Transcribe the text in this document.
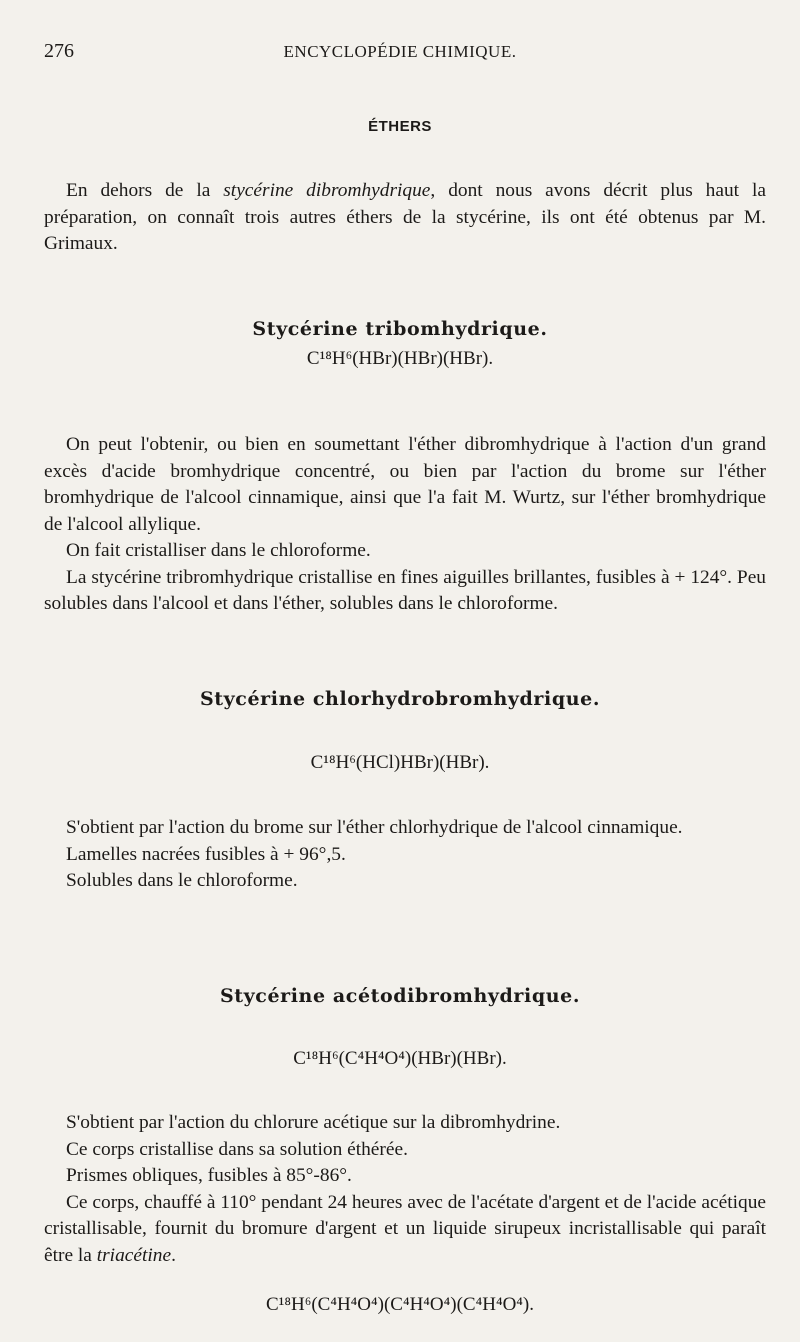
276	ENCYCLOPÉDIE CHIMIQUE.
ÉTHERS

En dehors de la stycérine dibromhydrique, dont nous avons décrit plus haut la préparation, on connaît trois autres éthers de la stycérine, ils ont été obtenus par M. Grimaux.

Stycérine tribomhydrique.
C¹⁸H⁶(HBr)(HBr)(HBr).

On peut l'obtenir, ou bien en soumettant l'éther dibromhydrique à l'action d'un grand excès d'acide bromhydrique concentré, ou bien par l'action du brome sur l'éther bromhydrique de l'alcool cinnamique, ainsi que l'a fait M. Wurtz, sur l'éther bromhydrique de l'alcool allylique.

On fait cristalliser dans le chloroforme.

La stycérine tribromhydrique cristallise en fines aiguilles brillantes, fusibles à + 124°. Peu solubles dans l'alcool et dans l'éther, solubles dans le chloroforme.

Stycérine chlorhydrobromhydrique.
C¹⁸H⁶(HCl)HBr)(HBr).

S'obtient par l'action du brome sur l'éther chlorhydrique de l'alcool cinnamique.

Lamelles nacrées fusibles à + 96°,5.

Solubles dans le chloroforme.

Stycérine acétodibromhydrique.
C¹⁸H⁶(C⁴H⁴O⁴)(HBr)(HBr).

S'obtient par l'action du chlorure acétique sur la dibromhydrine.

Ce corps cristallise dans sa solution éthérée.

Prismes obliques, fusibles à 85°-86°.

Ce corps, chauffé à 110° pendant 24 heures avec de l'acétate d'argent et de l'acide acétique cristallisable, fournit du bromure d'argent et un liquide sirupeux incristallisable qui paraît être la triacétine.

C¹⁸H⁶(C⁴H⁴O⁴)(C⁴H⁴O⁴)(C⁴H⁴O⁴).
